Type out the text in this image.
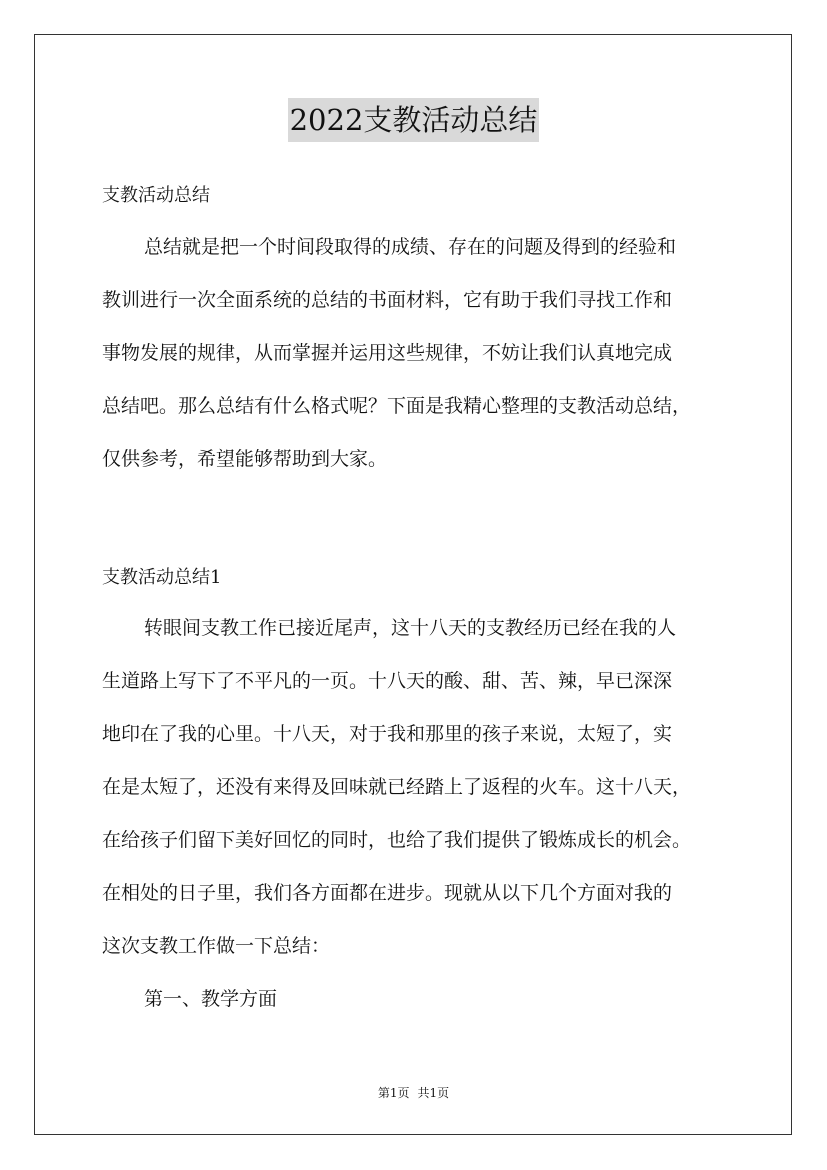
2022支教活动总结
支教活动总结
总结就是把一个时间段取得的成绩、存在的问题及得到的经验和
教训进行一次全面系统的总结的书面材料，它有助于我们寻找工作和
事物发展的规律，从而掌握并运用这些规律，不妨让我们认真地完成
总结吧。那么总结有什么格式呢？下面是我精心整理的支教活动总结，
仅供参考，希望能够帮助到大家。
支教活动总结1
转眼间支教工作已接近尾声，这十八天的支教经历已经在我的人
生道路上写下了不平凡的一页。十八天的酸、甜、苦、辣，早已深深
地印在了我的心里。十八天，对于我和那里的孩子来说，太短了，实
在是太短了，还没有来得及回味就已经踏上了返程的火车。这十八天，
在给孩子们留下美好回忆的同时，也给了我们提供了锻炼成长的机会。
在相处的日子里，我们各方面都在进步。现就从以下几个方面对我的
这次支教工作做一下总结：
第一、教学方面
第1页 共1页
